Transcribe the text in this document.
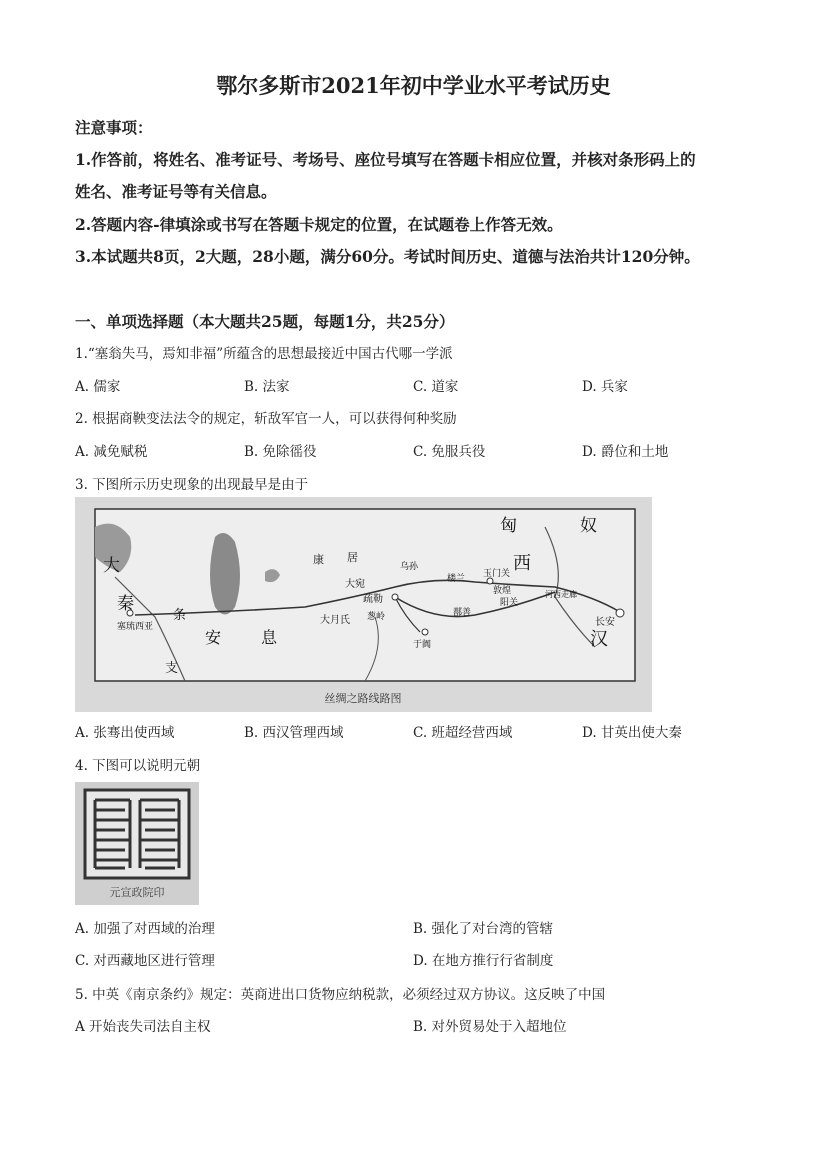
鄂尔多斯市2021年初中学业水平考试历史
注意事项：
1.作答前，将姓名、准考证号、考场号、座位号填写在答题卡相应位置，并核对条形码上的
姓名、准考证号等有关信息。
2.答题内容-律填涂或书写在答题卡规定的位置，在试题卷上作答无效。
3.本试题共8页，2大题，28小题，满分60分。考试时间历史、道德与法治共计120分钟。
一、单项选择题（本大题共25题，每题1分，共25分）
1.“塞翁失马，焉知非福”所蕴含的思想最接近中国古代哪一学派
A. 儒家	B. 法家	C. 道家	D. 兵家
2. 根据商鞅变法法令的规定，斩敌军官一人，可以获得何种奖励
A. 减免赋税	B. 免除徭役	C. 免服兵役	D. 爵位和土地
3. 下图所示历史现象的出现最早是由于
匈	奴
西
汉
大
秦
条
支
安 息
康 居
大宛
疏勒
大月氏 葱岭
于阗
楼兰 玉门关
敦煌
阳关
鄯善
河西走廊
长安
塞琉西亚
乌孙
丝绸之路线路图
A. 张骞出使西域	B. 西汉管理西域	C. 班超经营西域	D. 甘英出使大秦
4. 下图可以说明元朝
元宣政院印
A. 加强了对西域的治理	B. 强化了对台湾的管辖
C. 对西藏地区进行管理	D. 在地方推行行省制度
5. 中英《南京条约》规定：英商进出口货物应纳税款，必须经过双方协议。这反映了中国
A 开始丧失司法自主权	B. 对外贸易处于入超地位
